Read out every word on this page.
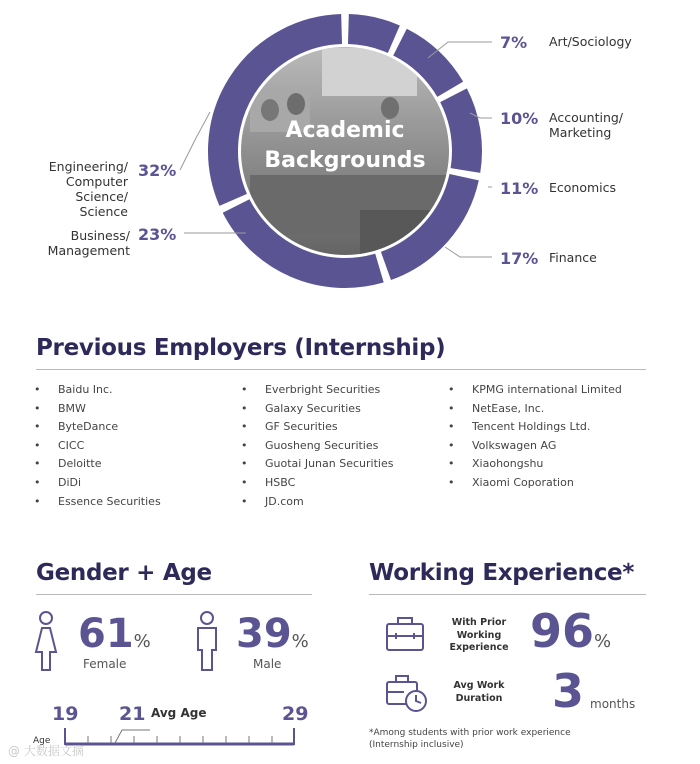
Academic
Backgrounds
7% Art/Sociology
10% Accounting/
Marketing
11% Economics
17% Finance
Engineering/
Computer
Science/
Science
32%
Business/
Management
23%
Previous Employers (Internship)
• Baidu Inc.
• BMW
• ByteDance
• CICC
• Deloitte
• DiDi
• Essence Securities
• Everbright Securities
• Galaxy Securities
• GF Securities
• Guosheng Securities
• Guotai Junan Securities
• HSBC
• JD.com
• KPMG international Limited
• NetEase, Inc.
• Tencent Holdings Ltd.
• Volkswagen AG
• Xiaohongshu
• Xiaomi Coporation
Gender + Age
61%
Female
39%
Male
19 21 Avg Age	29
Age
Working Experience*
With Prior
Working
Experience 96%
Avg Work
Duration 3 months
*Among students with prior work experience
(Internship inclusive)
@ 大数据文摘
